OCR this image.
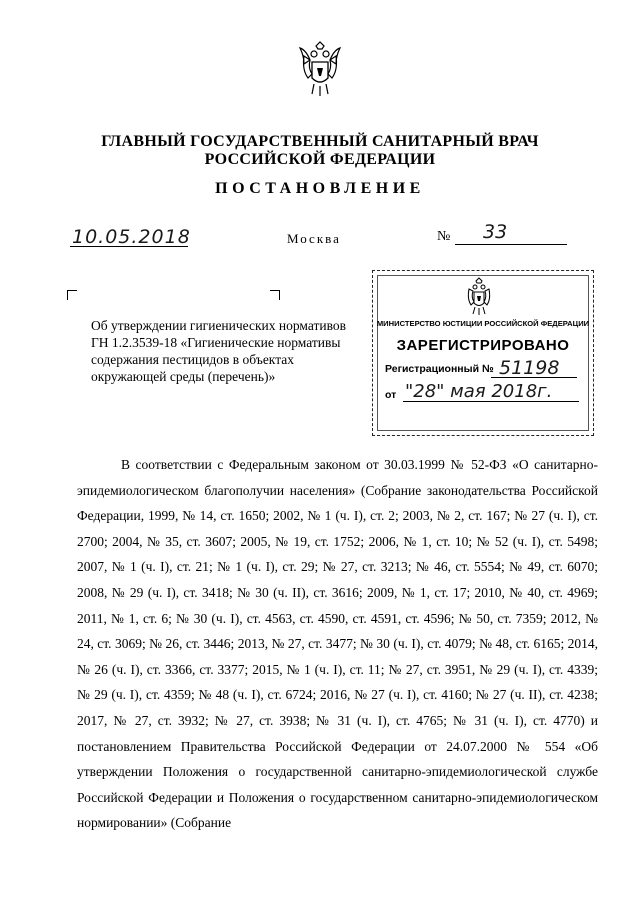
ГЛАВНЫЙ ГОСУДАРСТВЕННЫЙ САНИТАРНЫЙ ВРАЧ
РОССИЙСКОЙ ФЕДЕРАЦИИ
ПОСТАНОВЛЕНИЕ
10.05.2018	Москва	№ 33
Об утверждении гигиенических нормативов ГН 1.2.3539-18 «Гигиенические нормативы содержания пестицидов в объектах окружающей среды (перечень)»
МИНИСТЕРСТВО ЮСТИЦИИ РОССИЙСКОЙ ФЕДЕРАЦИИ
ЗАРЕГИСТРИРОВАНО
Регистрационный № 51198
от "28" мая 2018г.
В соответствии с Федеральным законом от 30.03.1999 № 52-ФЗ «О санитарно-эпидемиологическом благополучии населения» (Собрание законодательства Российской Федерации, 1999, № 14, ст. 1650; 2002, № 1 (ч. I), ст. 2; 2003, № 2, ст. 167; № 27 (ч. I), ст. 2700; 2004, № 35, ст. 3607; 2005, № 19, ст. 1752; 2006, № 1, ст. 10; № 52 (ч. I), ст. 5498; 2007, № 1 (ч. I), ст. 21; № 1 (ч. I), ст. 29; № 27, ст. 3213; № 46, ст. 5554; № 49, ст. 6070; 2008, № 29 (ч. I), ст. 3418; № 30 (ч. II), ст. 3616; 2009, № 1, ст. 17; 2010, № 40, ст. 4969; 2011, № 1, ст. 6; № 30 (ч. I), ст. 4563, ст. 4590, ст. 4591, ст. 4596; № 50, ст. 7359; 2012, № 24, ст. 3069; № 26, ст. 3446; 2013, № 27, ст. 3477; № 30 (ч. I), ст. 4079; № 48, ст. 6165; 2014, № 26 (ч. I), ст. 3366, ст. 3377; 2015, № 1 (ч. I), ст. 11; № 27, ст. 3951, № 29 (ч. I), ст. 4339; № 29 (ч. I), ст. 4359; № 48 (ч. I), ст. 6724; 2016, № 27 (ч. I), ст. 4160; № 27 (ч. II), ст. 4238; 2017, № 27, ст. 3932; № 27, ст. 3938; № 31 (ч. I), ст. 4765; № 31 (ч. I), ст. 4770) и постановлением Правительства Российской Федерации от 24.07.2000 № 554 «Об утверждении Положения о государственной санитарно-эпидемиологической службе Российской Федерации и Положения о государственном санитарно-эпидемиологическом нормировании» (Собрание
